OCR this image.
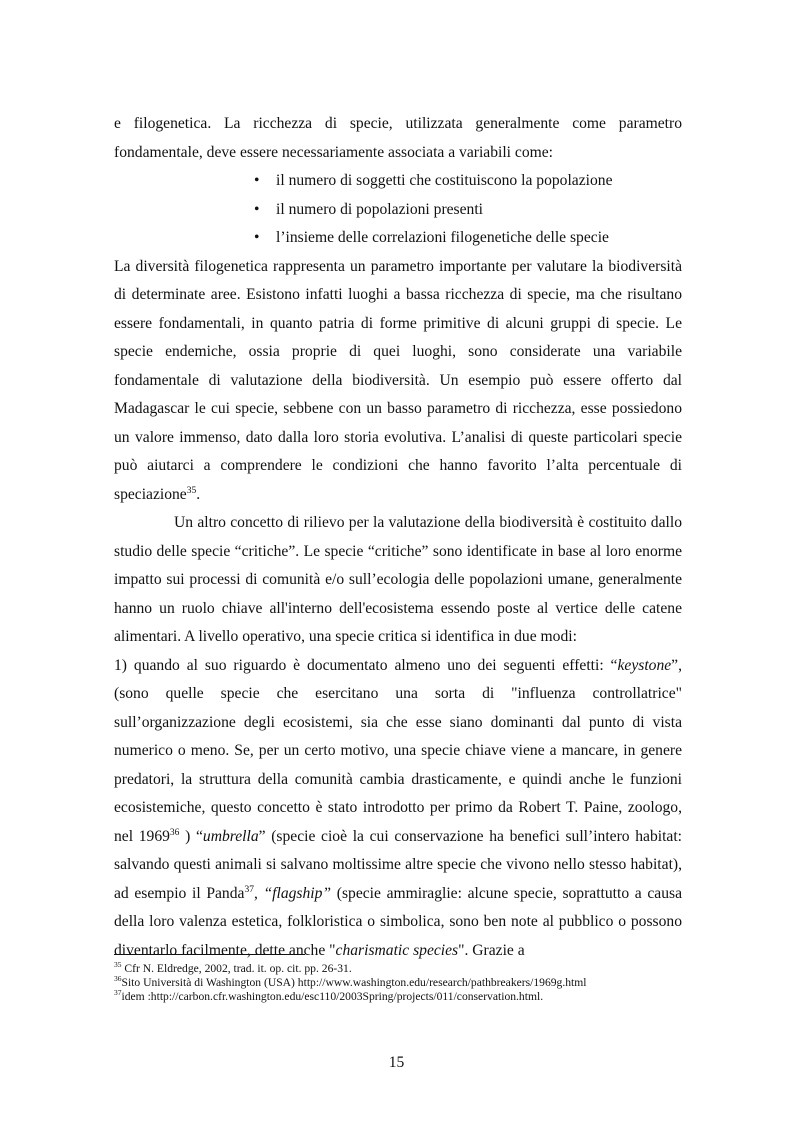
e filogenetica. La ricchezza di specie, utilizzata generalmente come parametro fondamentale, deve essere necessariamente associata a variabili come:

• il numero di soggetti che costituiscono la popolazione
• il numero di popolazioni presenti
• l’insieme delle correlazioni filogenetiche delle specie

La diversità filogenetica rappresenta un parametro importante per valutare la biodiversità di determinate aree. Esistono infatti luoghi a bassa ricchezza di specie, ma che risultano essere fondamentali, in quanto patria di forme primitive di alcuni gruppi di specie. Le specie endemiche, ossia proprie di quei luoghi, sono considerate una variabile fondamentale di valutazione della biodiversità. Un esempio può essere offerto dal Madagascar le cui specie, sebbene con un basso parametro di ricchezza, esse possiedono un valore immenso, dato dalla loro storia evolutiva. L’analisi di queste particolari specie può aiutarci a comprendere le condizioni che hanno favorito l’alta percentuale di speciazione$^{35}$.

Un altro concetto di rilievo per la valutazione della biodiversità è costituito dallo studio delle specie “critiche”. Le specie “critiche” sono identificate in base al loro enorme impatto sui processi di comunità e/o sull’ecologia delle popolazioni umane, generalmente hanno un ruolo chiave all'interno dell'ecosistema essendo poste al vertice delle catene alimentari. A livello operativo, una specie critica si identifica in due modi:

1) quando al suo riguardo è documentato almeno uno dei seguenti effetti: “keystone”, (sono quelle specie che esercitano una sorta di "influenza controllatrice" sull’organizzazione degli ecosistemi, sia che esse siano dominanti dal punto di vista numerico o meno. Se, per un certo motivo, una specie chiave viene a mancare, in genere predatori, la struttura della comunità cambia drasticamente, e quindi anche le funzioni ecosistemiche, questo concetto è stato introdotto per primo da Robert T. Paine, zoologo, nel 1969$^{36}$ ) “umbrella” (specie cioè la cui conservazione ha benefici sull’intero habitat: salvando questi animali si salvano moltissime altre specie che vivono nello stesso habitat), ad esempio il Panda$^{37}$, “flagship” (specie ammiraglie: alcune specie, soprattutto a causa della loro valenza estetica, folkloristica o simbolica, sono ben note al pubblico o possono diventarlo facilmente, dette anche "charismatic species". Grazie a

$^{35}$ Cfr N. Eldredge, 2002, trad. it. op. cit. pp. 26-31.
$^{36}$Sito Università di Washington (USA) http://www.washington.edu/research/pathbreakers/1969g.html
$^{37}$idem :http://carbon.cfr.washington.edu/esc110/2003Spring/projects/011/conservation.html.
15
